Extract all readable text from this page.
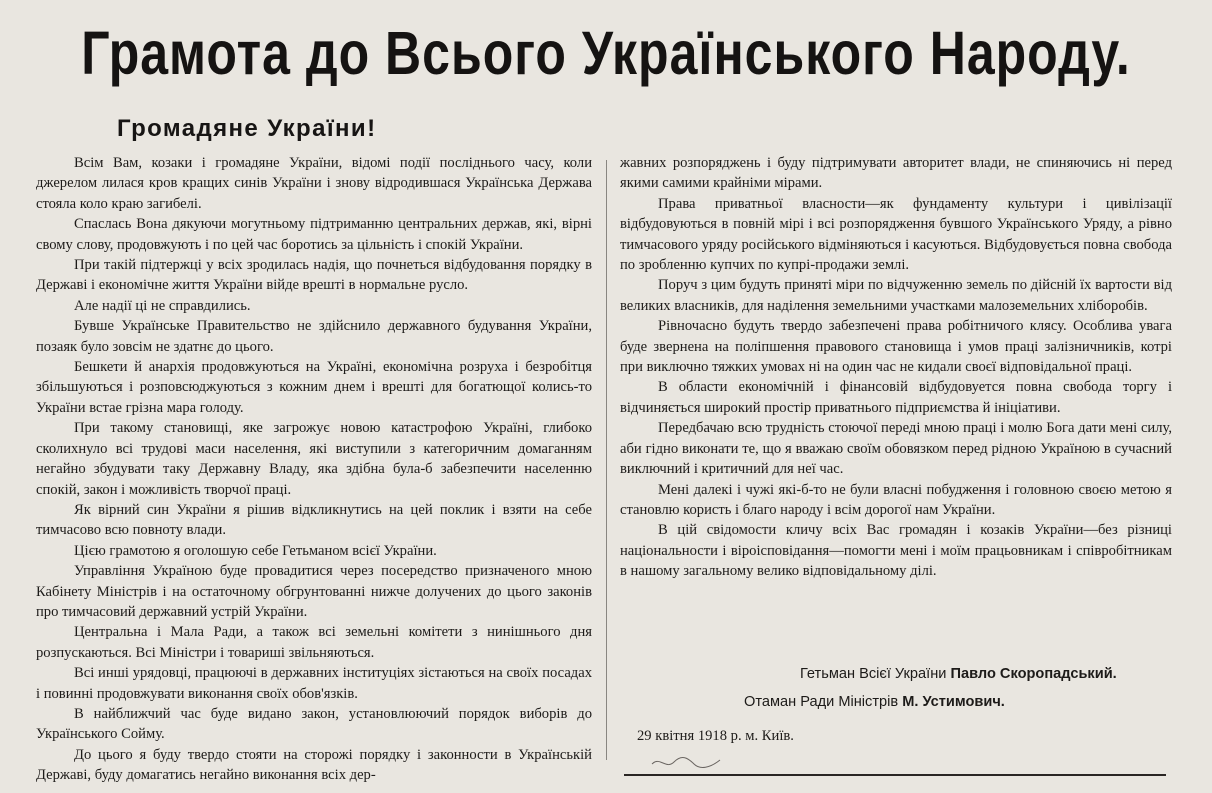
Грамота до Всього Українського Народу.
Громадяне України!

Всім Вам, козаки і громадяне України, відомі події посліднього часу, коли джерелом лилася кров кращих синів України і знову відродившася Українська Держава стояла коло краю загибелі.

Спаслась Вона дякуючи могутньому підтриманню центральних держав, які, вірні свому слову, продовжують і по цей час боротись за цільність і спокій України.

При такій підтержці у всіх зродилась надія, що почнеться відбудовання порядку в Державі і економічне життя України війде врешті в нормальне русло.

Але надії ці не справдились.

Бувше Українське Правительство не здійснило державного будування України, позаяк було зовсім не здатнє до цього.

Бешкети й анархія продовжуються на Україні, економічна розруха і безробітця збільшуються і розповсюджуються з кожним днем і врешті для богатющої колись-то України встае грізна мара голоду.

При такому становищі, яке загрожує новою катастрофою Україні, глибоко сколихнуло всі трудові маси населення, які виступили з категоричним домаганням негайно збудувати таку Державну Владу, яка здібна була-б забезпечити населенню спокій, закон і можливість творчої праці.

Як вірний син України я рішив відкликнутись на цей поклик і взяти на себе тимчасово всю повноту влади.

Цією грамотою я оголошую себе Гетьманом всієї України.

Управління Україною буде провадитися через посередство призначеного мною Кабінету Міністрів і на остаточному обгрунтованні нижче долучених до цього законів про тимчасовий державний устрій України.

Центральна і Мала Ради, а також всі земельні комітети з нинішнього дня розпускаються. Всі Міністри і товариші звільняються.

Всі инші урядовці, працюючі в державних інституціях зістаються на своїх посадах і повинні продовжувати виконання своїх обов'язків.

В найближчий час буде видано закон, установлюючий порядок виборів до Українського Сойму.

До цього я буду твердо стояти на сторожі порядку і законности в Українській Державі, буду домагатись негайно виконання всіх дер-

жавних розпоряджень і буду підтримувати авторитет влади, не спиняючись ні перед якими самими крайніми мірами.

Права приватньої власности—як фундаменту культури і цивілізації відбудовуються в повній мірі і всі розпорядження бувшого Українського Уряду, а рівно тимчасового уряду російського відміняються і касуються. Відбудовується повна свобода по зробленню купчих по купрі-продажи землі.

Поруч з цим будуть приняті міри по відчуженню земель по дійсній їх вартости від великих власників, для наділення земельними участками малоземельних хліборобів.

Рівночасно будуть твердо забезпечені права робітничого клясу. Особлива увага буде звернена на поліпшення правового становища і умов праці залізничників, котрі при виключно тяжких умовах ні на один час не кидали своєї відповідальної праці.

В области економічній і фінансовій відбудовуется повна свобода торгу і відчиняється широкий простір приватнього підприємства й ініціативи.

Передбачаю всю трудність стоючої переді мною праці і молю Бога дати мені силу, аби гідно виконати те, що я вважаю своїм обовязком перед рідною Україною в сучасний виключний і критичний для неї час.

Мені далекі і чужі які-б-то не були власні побудження і головною своєю метою я становлю користь і благо народу і всім дорогої нам України.

В цій свідомости кличу всіх Вас громадян і козаків України—без різниці національности і віроісповідання—помогти мені і моїм працьовникам і співробітникам в нашому загальному велико відповідальному ділі.

Гетьман Всієї України Павло Скоропадський.
Отаман Ради Міністрів М. Устимович.
29 квітня 1918 р. м. Київ.
